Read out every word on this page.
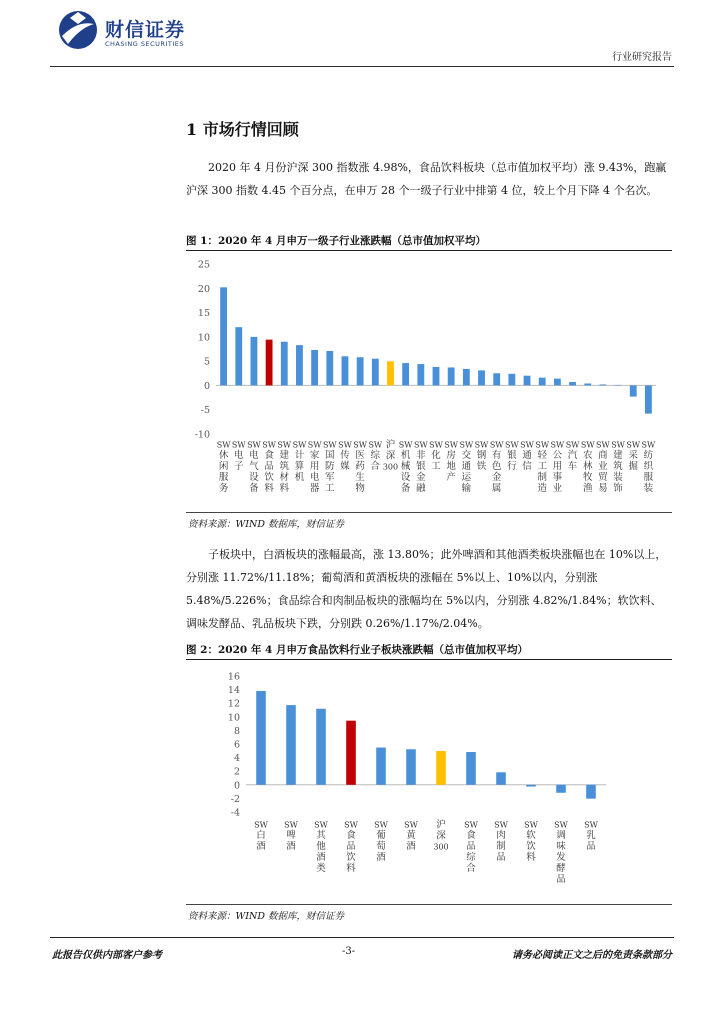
财信证券
CHASING SECURITIES
行业研究报告
1 市场行情回顾
2020 年 4 月份沪深 300 指数涨 4.98%，食品饮料板块（总市值加权平均）涨 9.43%，跑赢沪深 300 指数 4.45 个百分点，在申万 28 个一级子行业中排第 4 位，较上个月下降 4 个名次。
图 1：2020 年 4 月申万一级子行业涨跌幅（总市值加权平均）
25
20
15
10
5
0
-5
-10
SW 休闲服务
SW 电子
SW 电气设备
SW 食品饮料
SW 建筑材料
SW 计算机
SW 家用电器
SW 国防军工
SW 传媒
SW 医药生物
SW 综合
沪深 300
SW 机械设备
SW 非银金融
SW 化工
SW 房地产
SW 交通运输
SW 钢铁
SW 有色金属
SW 银行
SW 通信
SW 轻工制造
SW 公用事业
SW 汽车
SW 农林牧渔
SW 商业贸易
SW 建筑装饰
SW 采掘
SW 纺织服装
资料来源：WIND 数据库，财信证券
子板块中，白酒板块的涨幅最高，涨 13.80%；此外啤酒和其他酒类板块涨幅也在 10%以上，分别涨 11.72%/11.18%；葡萄酒和黄酒板块的涨幅在 5%以上、10%以内，分别涨 5.48%/5.226%；食品综合和肉制品板块的涨幅均在 5%以内，分别涨 4.82%/1.84%；软饮料、调味发酵品、乳品板块下跌，分别跌 0.26%/1.17%/2.04%。
图 2：2020 年 4 月申万食品饮料行业子板块涨跌幅（总市值加权平均）
16
14
12
10
8
6
4
2
0
-2
-4
SW 白酒
SW 啤酒
SW 其他酒类
SW 食品饮料
SW 葡萄酒
SW 黄酒
沪深 300
SW 食品综合
SW 肉制品
SW 软饮料
SW 调味发酵品
SW 乳品
资料来源：WIND 数据库，财信证券
此报告仅供内部客户参考	-3-	请务必阅读正文之后的免责条款部分
